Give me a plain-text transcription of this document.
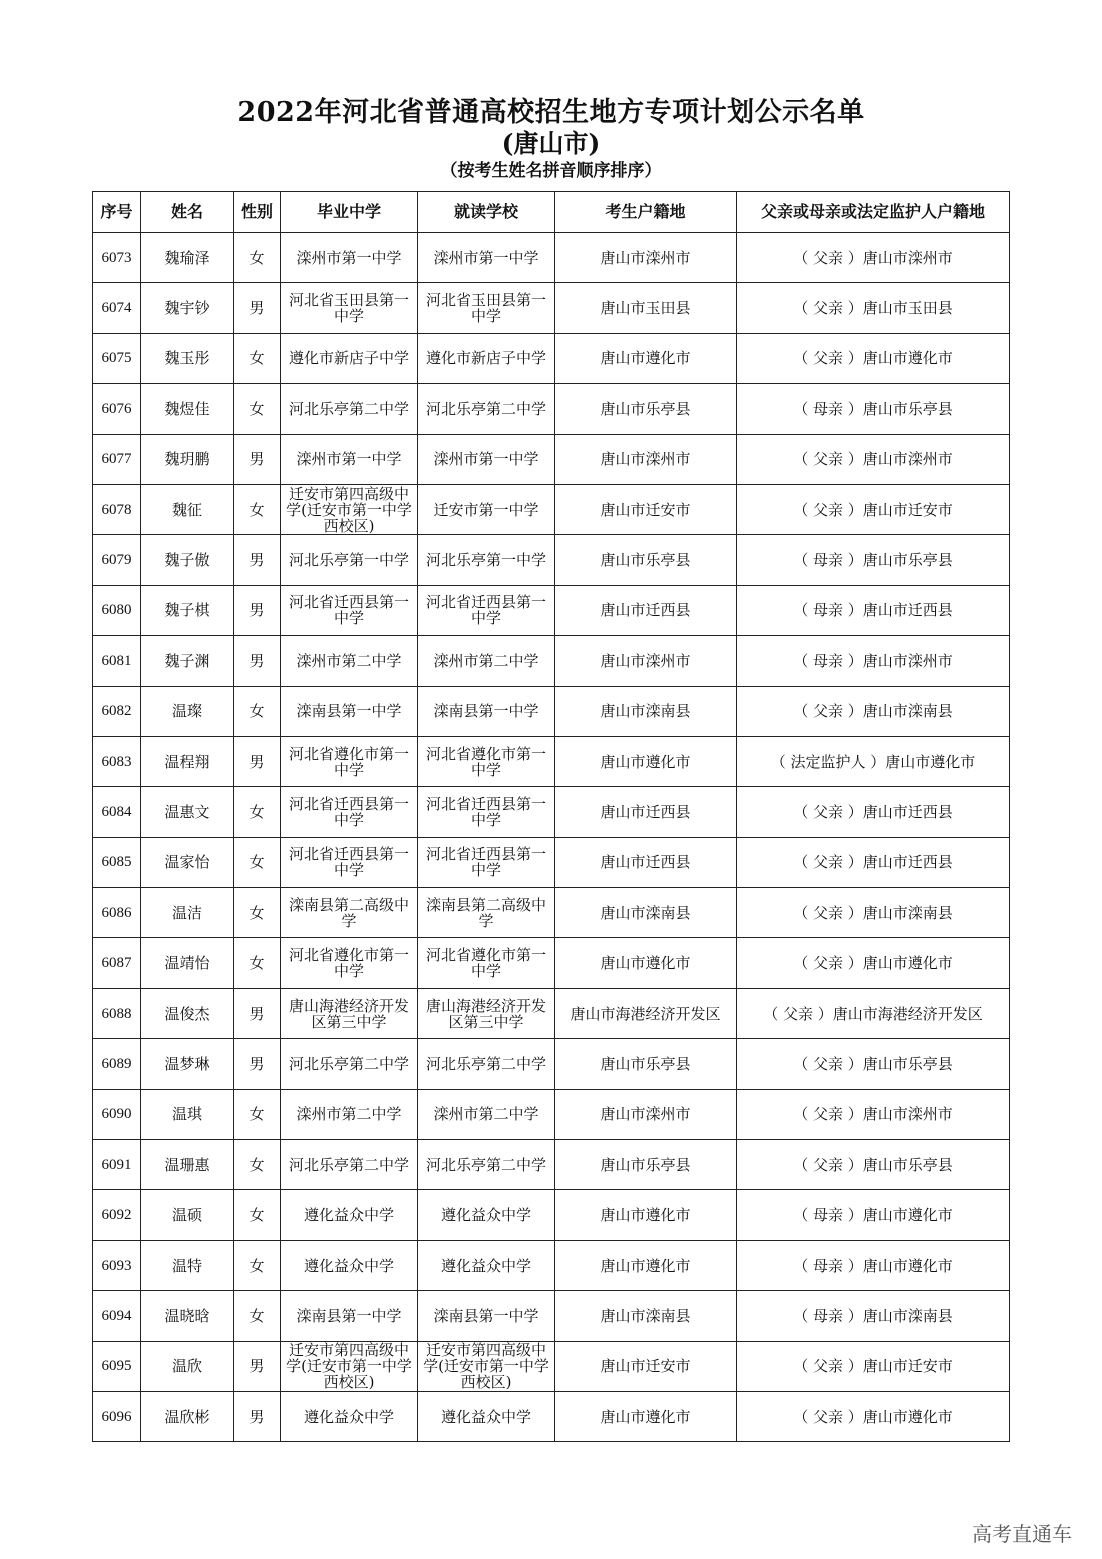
2022年河北省普通高校招生地方专项计划公示名单
(唐山市)
（按考生姓名拼音顺序排序）
序号	姓名	性别	毕业中学	就读学校	考生户籍地	父亲或母亲或法定监护人户籍地
6073	魏瑜泽	女	滦州市第一中学	滦州市第一中学	唐山市滦州市	（ 父亲 ）唐山市滦州市
6074	魏宇钞	男	河北省玉田县第一中学	河北省玉田县第一中学	唐山市玉田县	（ 父亲 ）唐山市玉田县
6075	魏玉彤	女	遵化市新店子中学	遵化市新店子中学	唐山市遵化市	（ 父亲 ）唐山市遵化市
6076	魏煜佳	女	河北乐亭第二中学	河北乐亭第二中学	唐山市乐亭县	（ 母亲 ）唐山市乐亭县
6077	魏玥鹏	男	滦州市第一中学	滦州市第一中学	唐山市滦州市	（ 父亲 ）唐山市滦州市
6078	魏征	女	迁安市第四高级中学(迁安市第一中学西校区)	迁安市第一中学	唐山市迁安市	（ 父亲 ）唐山市迁安市
6079	魏子傲	男	河北乐亭第一中学	河北乐亭第一中学	唐山市乐亭县	（ 母亲 ）唐山市乐亭县
6080	魏子棋	男	河北省迁西县第一中学	河北省迁西县第一中学	唐山市迁西县	（ 母亲 ）唐山市迁西县
6081	魏子渊	男	滦州市第二中学	滦州市第二中学	唐山市滦州市	（ 母亲 ）唐山市滦州市
6082	温璨	女	滦南县第一中学	滦南县第一中学	唐山市滦南县	（ 父亲 ）唐山市滦南县
6083	温程翔	男	河北省遵化市第一中学	河北省遵化市第一中学	唐山市遵化市	（ 法定监护人 ）唐山市遵化市
6084	温惠文	女	河北省迁西县第一中学	河北省迁西县第一中学	唐山市迁西县	（ 父亲 ）唐山市迁西县
6085	温家怡	女	河北省迁西县第一中学	河北省迁西县第一中学	唐山市迁西县	（ 父亲 ）唐山市迁西县
6086	温洁	女	滦南县第二高级中学	滦南县第二高级中学	唐山市滦南县	（ 父亲 ）唐山市滦南县
6087	温靖怡	女	河北省遵化市第一中学	河北省遵化市第一中学	唐山市遵化市	（ 父亲 ）唐山市遵化市
6088	温俊杰	男	唐山海港经济开发区第三中学	唐山海港经济开发区第三中学	唐山市海港经济开发区	（ 父亲 ）唐山市海港经济开发区
6089	温梦琳	男	河北乐亭第二中学	河北乐亭第二中学	唐山市乐亭县	（ 父亲 ）唐山市乐亭县
6090	温琪	女	滦州市第二中学	滦州市第二中学	唐山市滦州市	（ 父亲 ）唐山市滦州市
6091	温珊惠	女	河北乐亭第二中学	河北乐亭第二中学	唐山市乐亭县	（ 父亲 ）唐山市乐亭县
6092	温硕	女	遵化益众中学	遵化益众中学	唐山市遵化市	（ 母亲 ）唐山市遵化市
6093	温特	女	遵化益众中学	遵化益众中学	唐山市遵化市	（ 母亲 ）唐山市遵化市
6094	温晓晗	女	滦南县第一中学	滦南县第一中学	唐山市滦南县	（ 母亲 ）唐山市滦南县
6095	温欣	男	迁安市第四高级中学(迁安市第一中学西校区)	迁安市第四高级中学(迁安市第一中学西校区)	唐山市迁安市	（ 父亲 ）唐山市迁安市
6096	温欣彬	男	遵化益众中学	遵化益众中学	唐山市遵化市	（ 父亲 ）唐山市遵化市
高考直通车
